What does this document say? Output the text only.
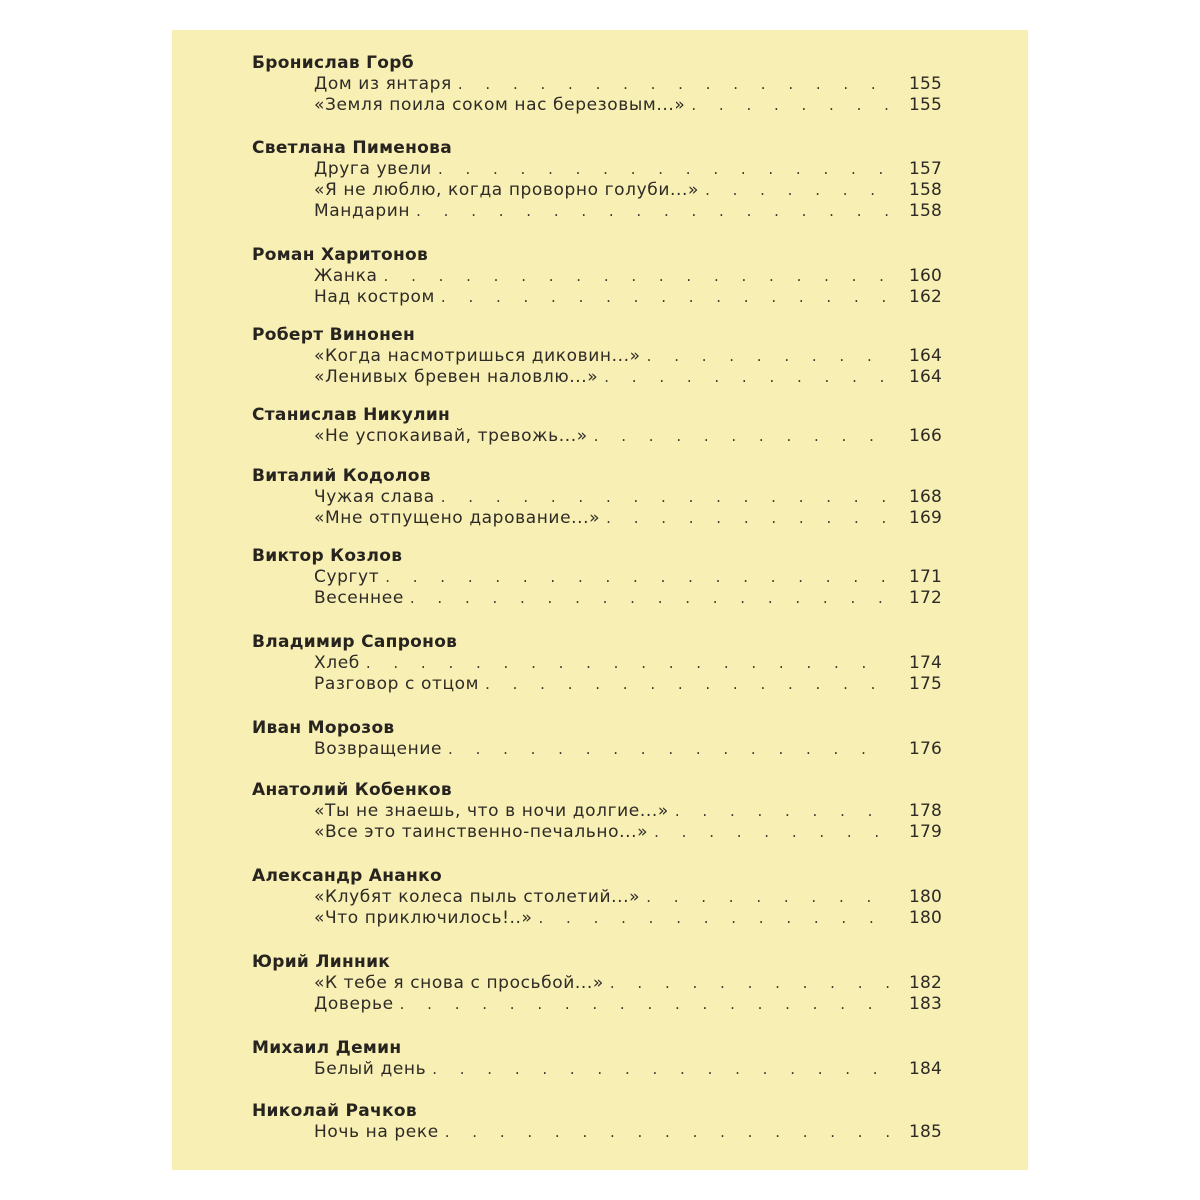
Бронислав Горб
Дом из янтаря . . .	155
«Земля поила соком нас березовым...» . . .	155
Светлана Пименова
Друга увели . . .	157
«Я не люблю, когда проворно голуби...» . . .	158
Мандарин . . .	158
Роман Харитонов
Жанка . . .	160
Над костром . . .	162
Роберт Винонен
«Когда насмотришься диковин...» . . .	164
«Ленивых бревен наловлю...» . . .	164
Станислав Никулин
«Не успокаивай, тревожь...» . . .	166
Виталий Кодолов
Чужая слава . . .	168
«Мне отпущено дарование...» . . .	169
Виктор Козлов
Сургут . . .	171
Весеннее . . .	172
Владимир Сапронов
Хлеб . . .	174
Разговор с отцом . . .	175
Иван Морозов
Возвращение . . .	176
Анатолий Кобенков
«Ты не знаешь, что в ночи долгие...» . . .	178
«Все это таинственно-печально...» . . .	179
Александр Ананко
«Клубят колеса пыль столетий...» . . .	180
«Что приключилось!..» . . .	180
Юрий Линник
«К тебе я снова с просьбой...» . . .	182
Доверье . . .	183
Михаил Демин
Белый день . . .	184
Николай Рачков
Ночь на реке . . .	185
